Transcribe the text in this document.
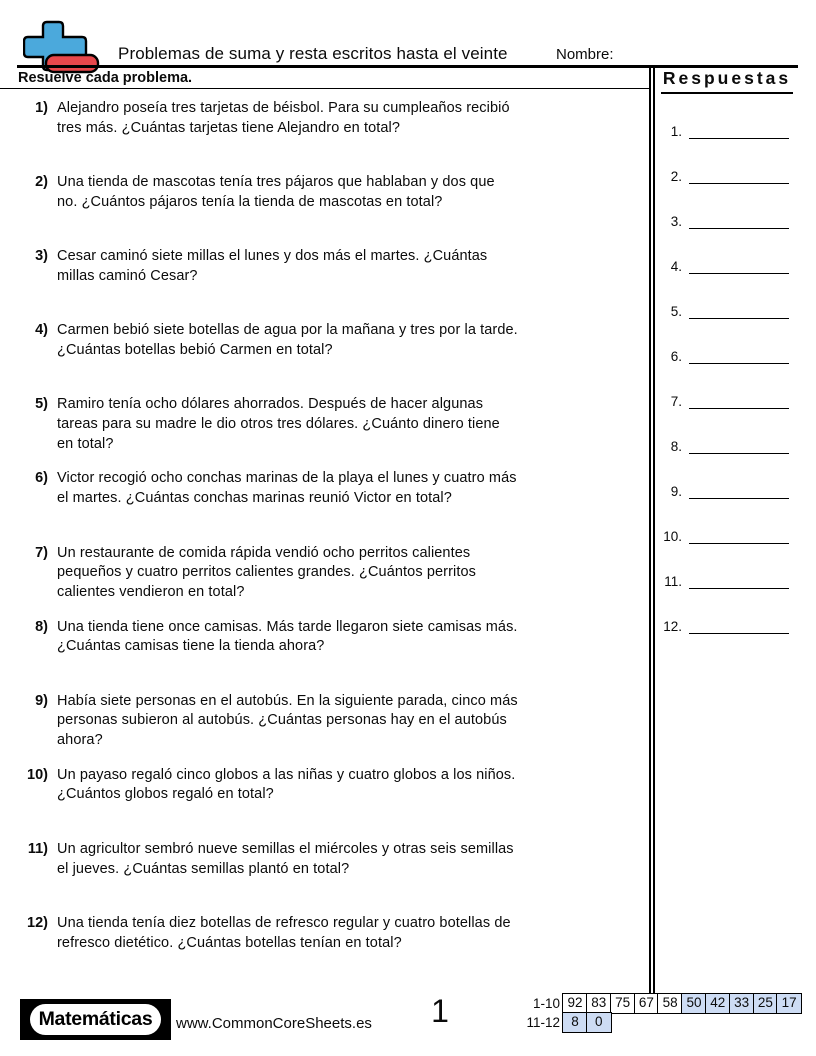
Problemas de suma y resta escritos hasta el veinte	Nombre:
Resuelve cada problema.	Respuestas
1.
2.
3.
4.
5.
6.
7.
8.
9.
10.
11.
12.
1) Alejandro poseía tres tarjetas de béisbol. Para su cumpleaños recibió tres más. ¿Cuántas tarjetas tiene Alejandro en total?
2) Una tienda de mascotas tenía tres pájaros que hablaban y dos que no. ¿Cuántos pájaros tenía la tienda de mascotas en total?
3) Cesar caminó siete millas el lunes y dos más el martes. ¿Cuántas millas caminó Cesar?
4) Carmen bebió siete botellas de agua por la mañana y tres por la tarde. ¿Cuántas botellas bebió Carmen en total?
5) Ramiro tenía ocho dólares ahorrados. Después de hacer algunas tareas para su madre le dio otros tres dólares. ¿Cuánto dinero tiene en total?
6) Victor recogió ocho conchas marinas de la playa el lunes y cuatro más el martes. ¿Cuántas conchas marinas reunió Victor en total?
7) Un restaurante de comida rápida vendió ocho perritos calientes pequeños y cuatro perritos calientes grandes. ¿Cuántos perritos calientes vendieron en total?
8) Una tienda tiene once camisas. Más tarde llegaron siete camisas más. ¿Cuántas camisas tiene la tienda ahora?
9) Había siete personas en el autobús. En la siguiente parada, cinco más personas subieron al autobús. ¿Cuántas personas hay en el autobús ahora?
10) Un payaso regaló cinco globos a las niñas y cuatro globos a los niños. ¿Cuántos globos regaló en total?
11) Un agricultor sembró nueve semillas el miércoles y otras seis semillas el jueves. ¿Cuántas semillas plantó en total?
12) Una tienda tenía diez botellas de refresco regular y cuatro botellas de refresco dietético. ¿Cuántas botellas tenían en total?
Matemáticas	www.CommonCoreSheets.es	1	1-10 92 83 75 67 58 50 42 33 25 17
11-12 8	0
